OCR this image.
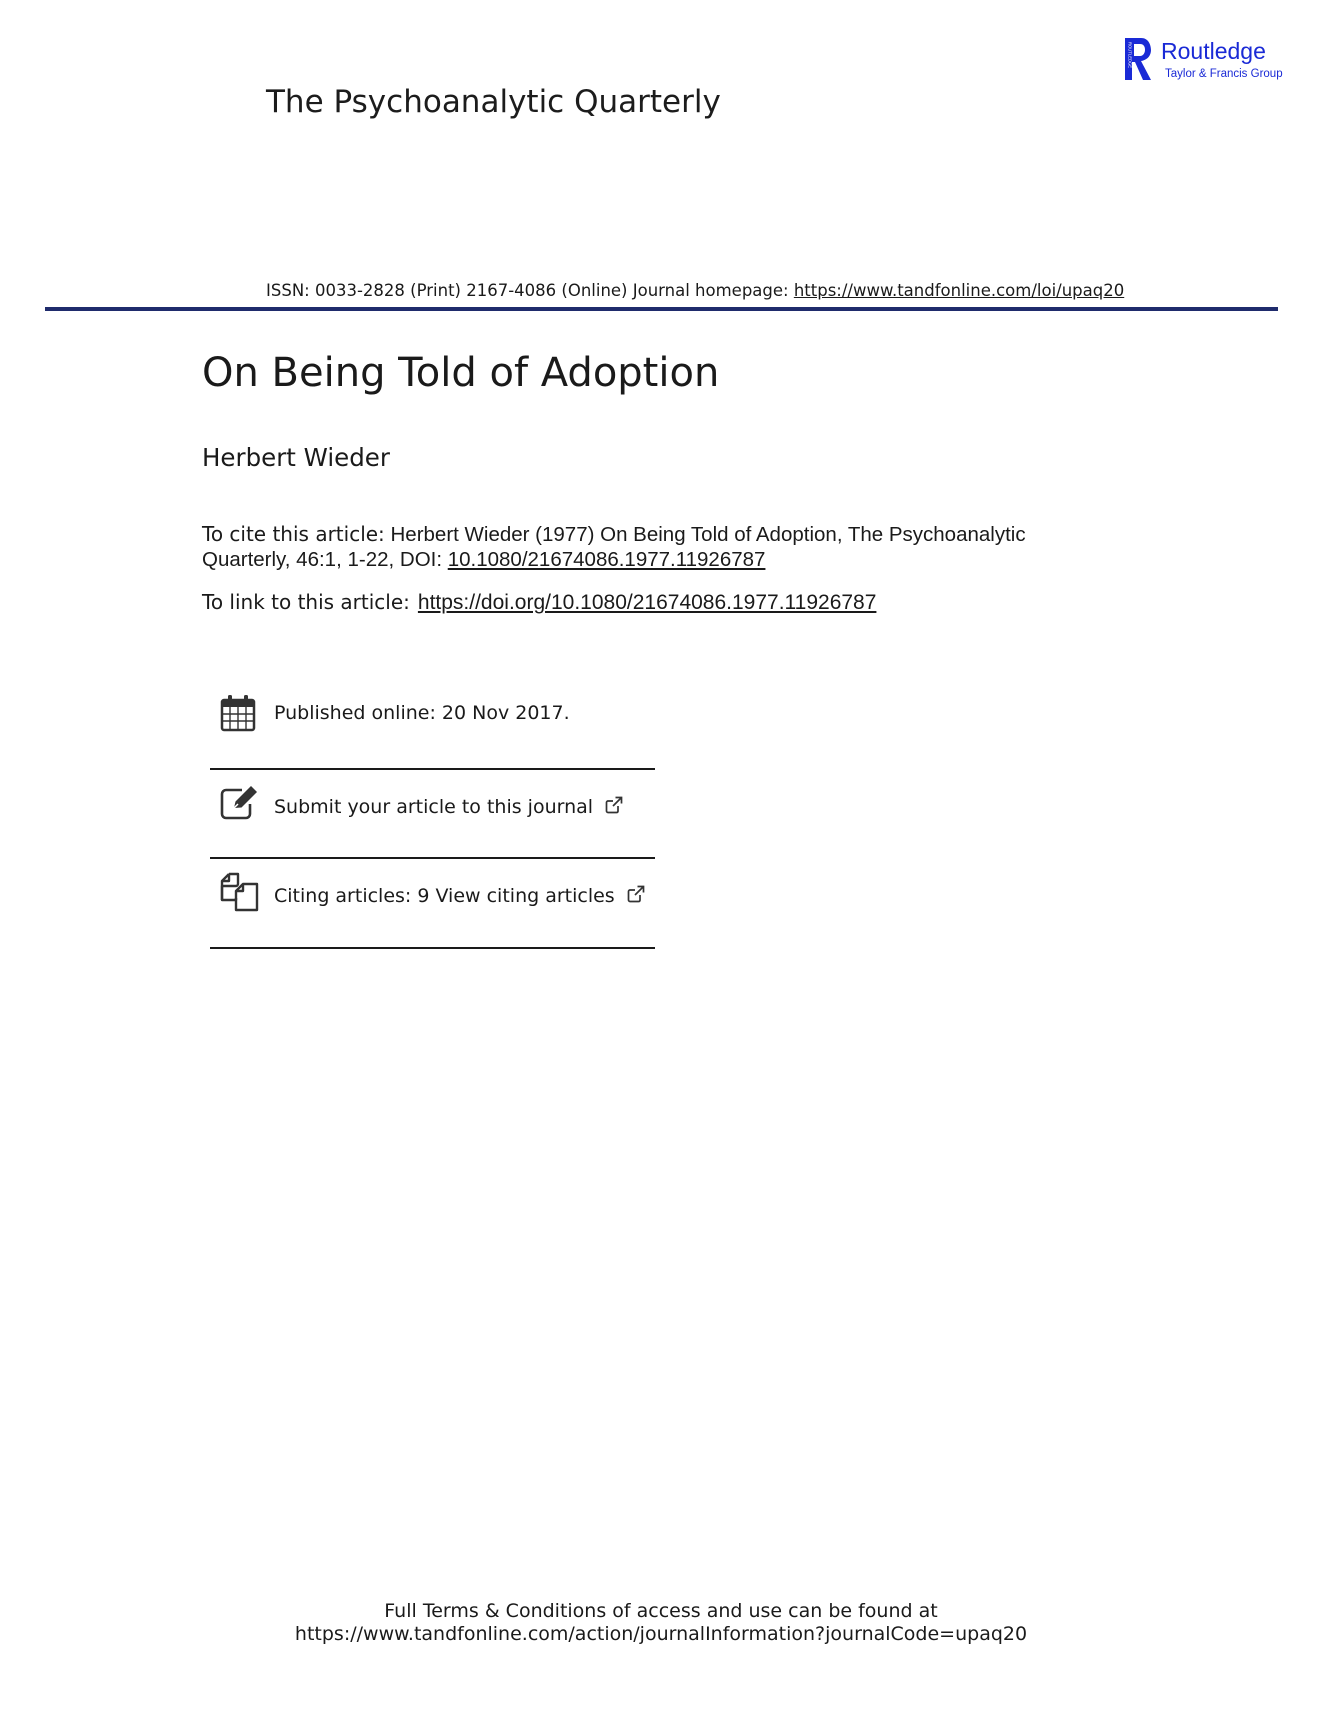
The Psychoanalytic Quarterly
ROUTLEDGE Routledge
Taylor & Francis Group
ISSN: 0033-2828 (Print) 2167-4086 (Online) Journal homepage: https://www.tandfonline.com/loi/upaq20
On Being Told of Adoption
Herbert Wieder
To cite this article: Herbert Wieder (1977) On Being Told of Adoption, The Psychoanalytic Quarterly, 46:1, 1-22, DOI: 10.1080/21674086.1977.11926787
To link to this article: https://doi.org/10.1080/21674086.1977.11926787
Published online: 20 Nov 2017.
Submit your article to this journal
Citing articles: 9 View citing articles
Full Terms & Conditions of access and use can be found at
https://www.tandfonline.com/action/journalInformation?journalCode=upaq20
